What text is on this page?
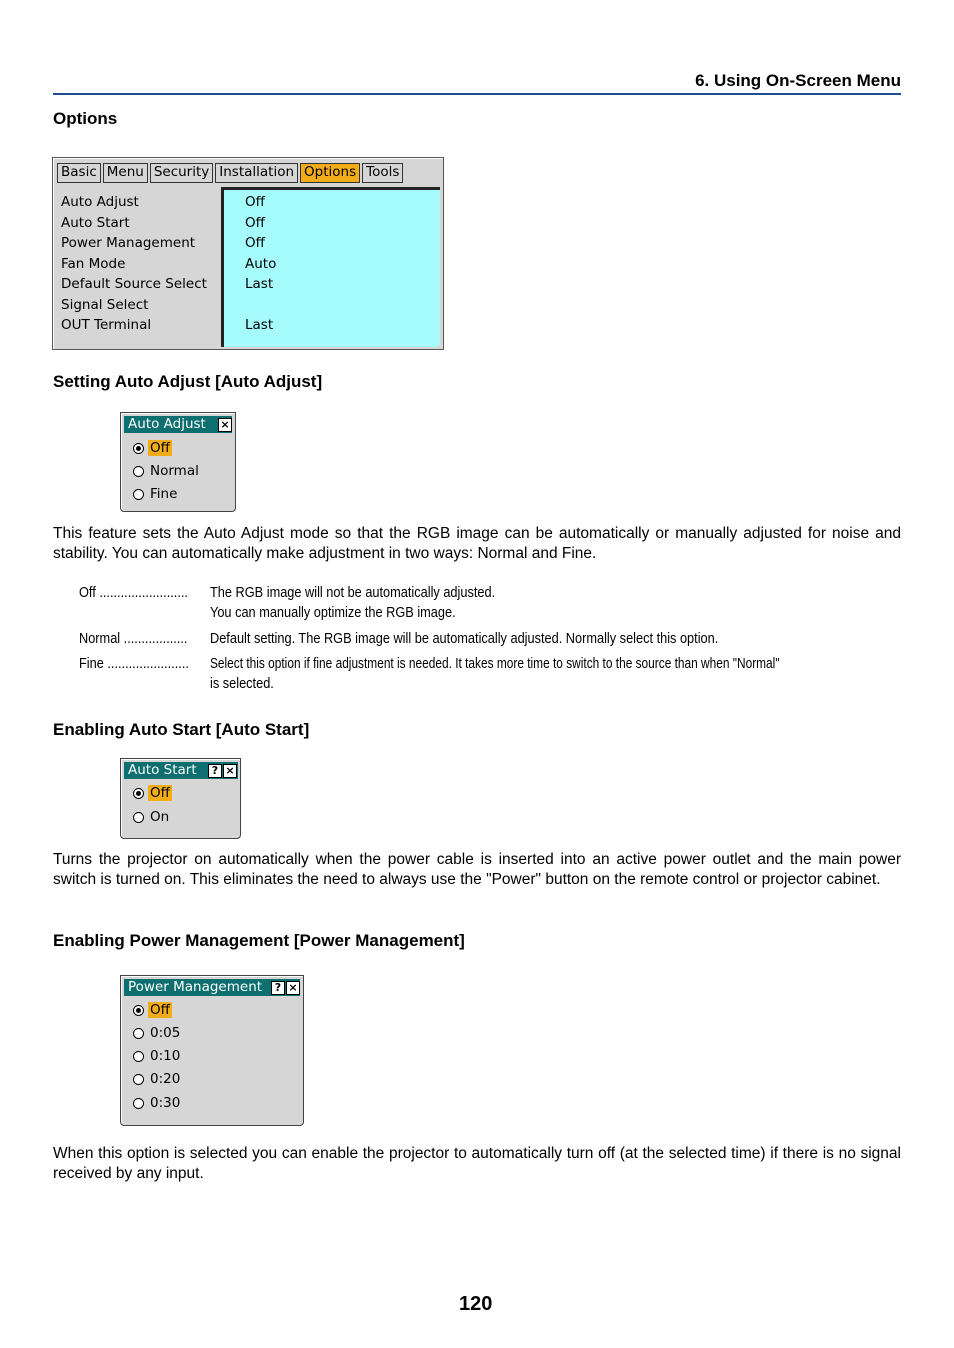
6. Using On-Screen Menu
Options
Basic Menu Security Installation Options Tools
Auto Adjust
Auto Start
Power Management
Fan Mode
Default Source Select
Signal Select
OUT Terminal
Off
Off
Off
Auto
Last
Last
Setting Auto Adjust [Auto Adjust]
Auto Adjust ×
Off
Normal
Fine
This feature sets the Auto Adjust mode so that the RGB image can be automatically or manually adjusted for noise and stability. You can automatically make adjustment in two ways: Normal and Fine.
Off ......................... The RGB image will not be automatically adjusted.
You can manually optimize the RGB image.
Normal .................. Default setting. The RGB image will be automatically adjusted. Normally select this option.
Fine ....................... Select this option if fine adjustment is needed. It takes more time to switch to the source than when "Normal"
is selected.
Enabling Auto Start [Auto Start]
Auto Start	? ×
Off
On
Turns the projector on automatically when the power cable is inserted into an active power outlet and the main power switch is turned on. This eliminates the need to always use the "Power" button on the remote control or projector cabinet.
Enabling Power Management [Power Management]
Power Management	? ×
Off
0:05
0:10
0:20
0:30
When this option is selected you can enable the projector to automatically turn off (at the selected time) if there is no signal received by any input.
120
